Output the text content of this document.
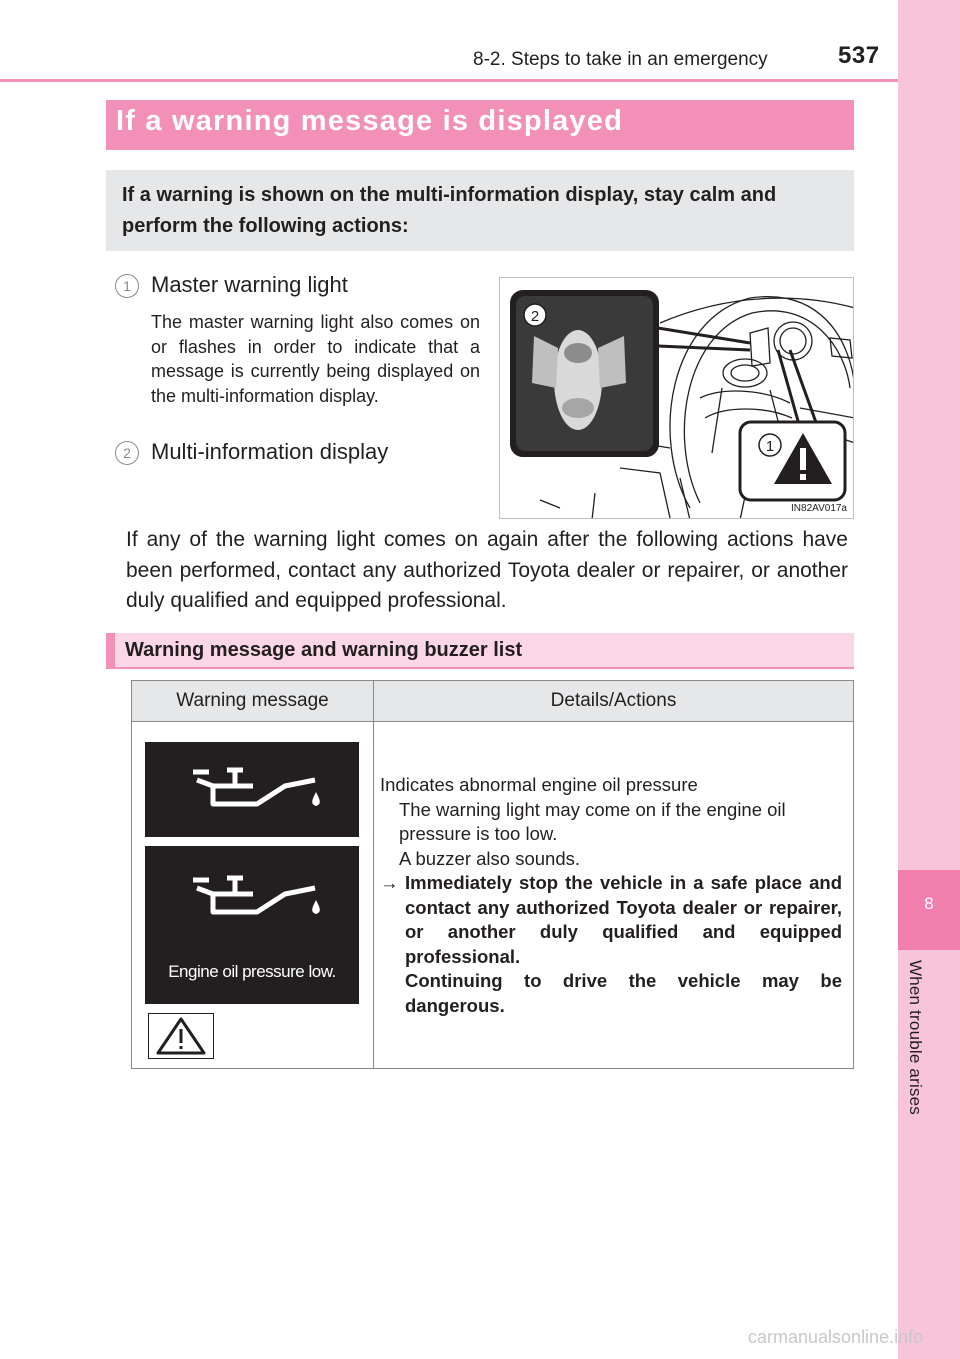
8-2. Steps to take in an emergency	537
8
When trouble arises
If a warning message is displayed
If a warning is shown on the multi-information display, stay calm and perform the following actions:
1 Master warning light
The master warning light also comes on or flashes in order to indicate that a message is currently being displayed on the multi-information display.
2 Multi-information display
2
1
IN82AV017a
If any of the warning light comes on again after the following actions have been performed, contact any authorized Toyota dealer or repairer, or another duly qualified and equipped professional.
Warning message and warning buzzer list
Warning message	Details/Actions
Engine oil pressure low.
Indicates abnormal engine oil pressure
The warning light may come on if the engine oil pressure is too low.
A buzzer also sounds.
→ Immediately stop the vehicle in a safe place and contact any authorized Toyota dealer or repairer, or another duly qualified and equipped professional.
Continuing to drive the vehicle may be dangerous.
carmanualsonline.info
